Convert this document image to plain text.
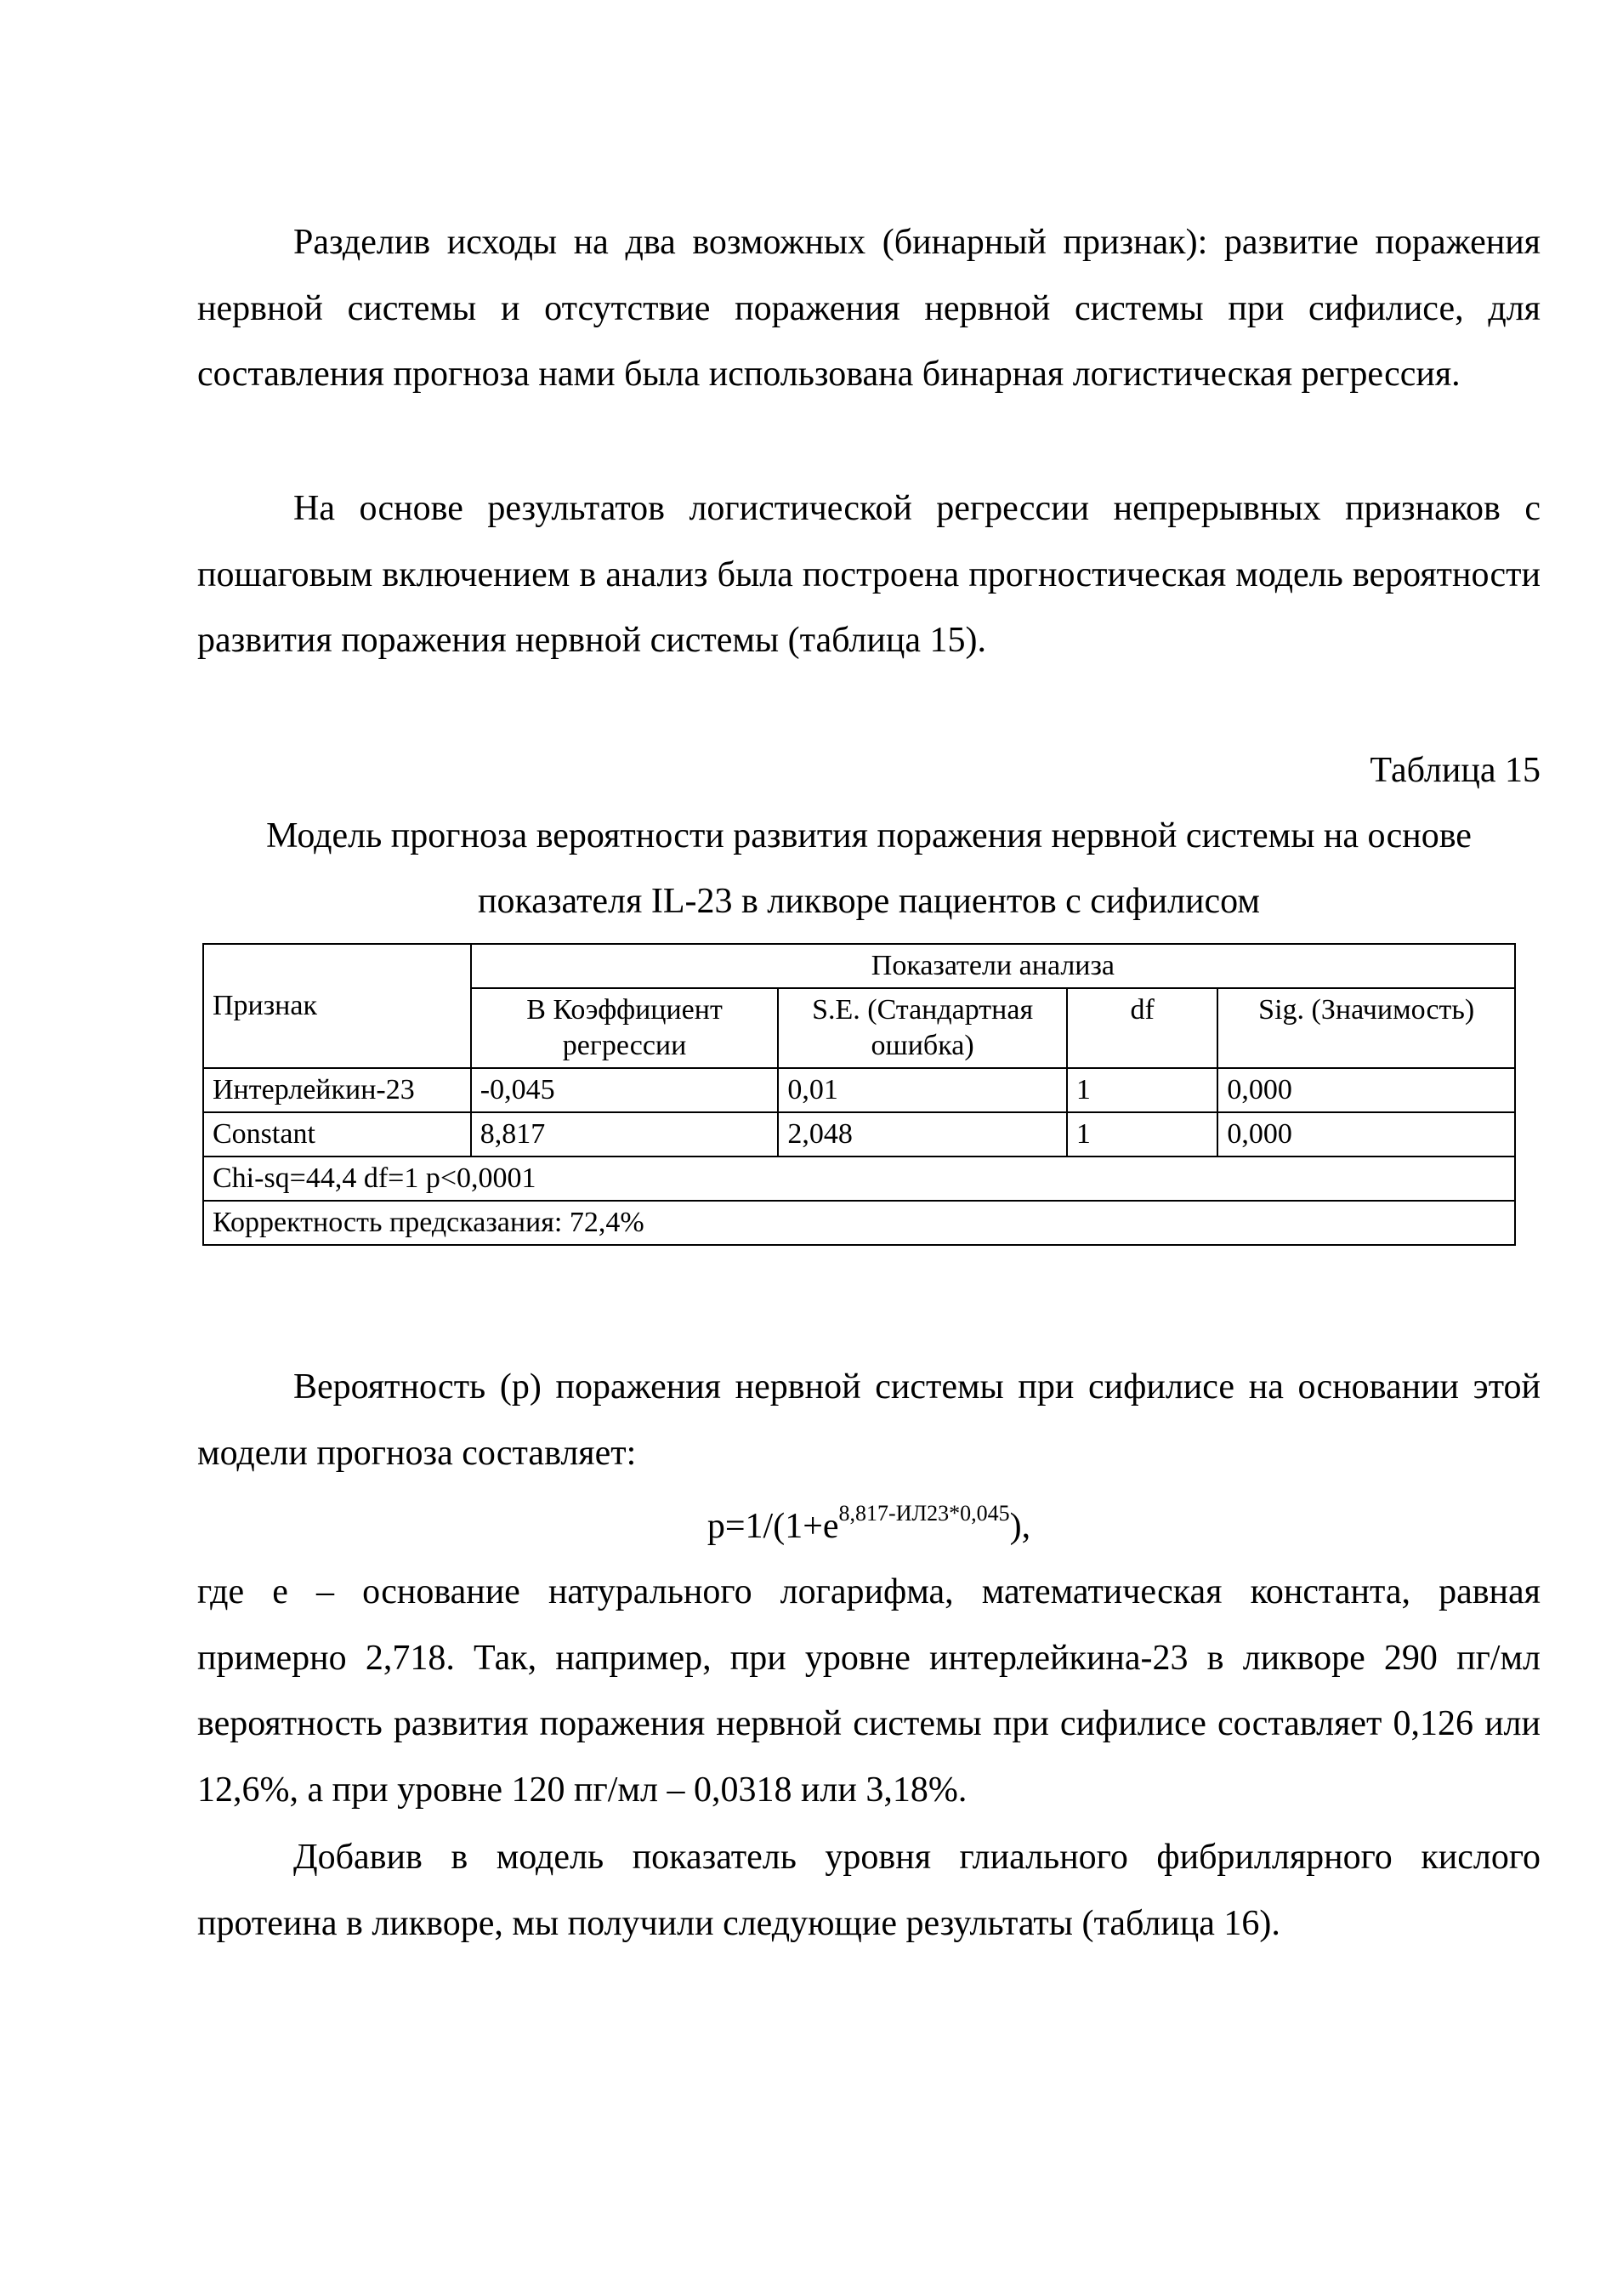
Разделив исходы на два возможных (бинарный признак): развитие поражения нервной системы и отсутствие поражения нервной системы при сифилисе, для составления прогноза нами была использована бинарная логистическая регрессия.

На основе результатов логистической регрессии непрерывных признаков с пошаговым включением в анализ была построена прогностическая модель вероятности развития поражения нервной системы (таблица 15).

Таблица 15

Модель прогноза вероятности развития поражения нервной системы на основе показателя IL-23 в ликворе пациентов с сифилисом

Признак	Показатели анализа			
	В Коэффициент регрессии	S.E. (Стандартная ошибка)	df	Sig. (Значимость)
Интерлейкин-23	-0,045	0,01	1	0,000
Constant	8,817	2,048	1	0,000
Chi-sq=44,4 df=1 p<0,0001				
Корректность предсказания: 72,4%				

Вероятность (р) поражения нервной системы при сифилисе на основании этой модели прогноза составляет:

$p=1/(1+e^{8,817-ИЛ23*0,045})$,

где е – основание натурального логарифма, математическая константа, равная примерно 2,718. Так, например, при уровне интерлейкина-23 в ликворе 290 пг/мл вероятность развития поражения нервной системы при сифилисе составляет 0,126 или 12,6%, а при уровне 120 пг/мл – 0,0318 или 3,18%.

Добавив в модель показатель уровня глиального фибриллярного кислого протеина в ликворе, мы получили следующие результаты (таблица 16).
